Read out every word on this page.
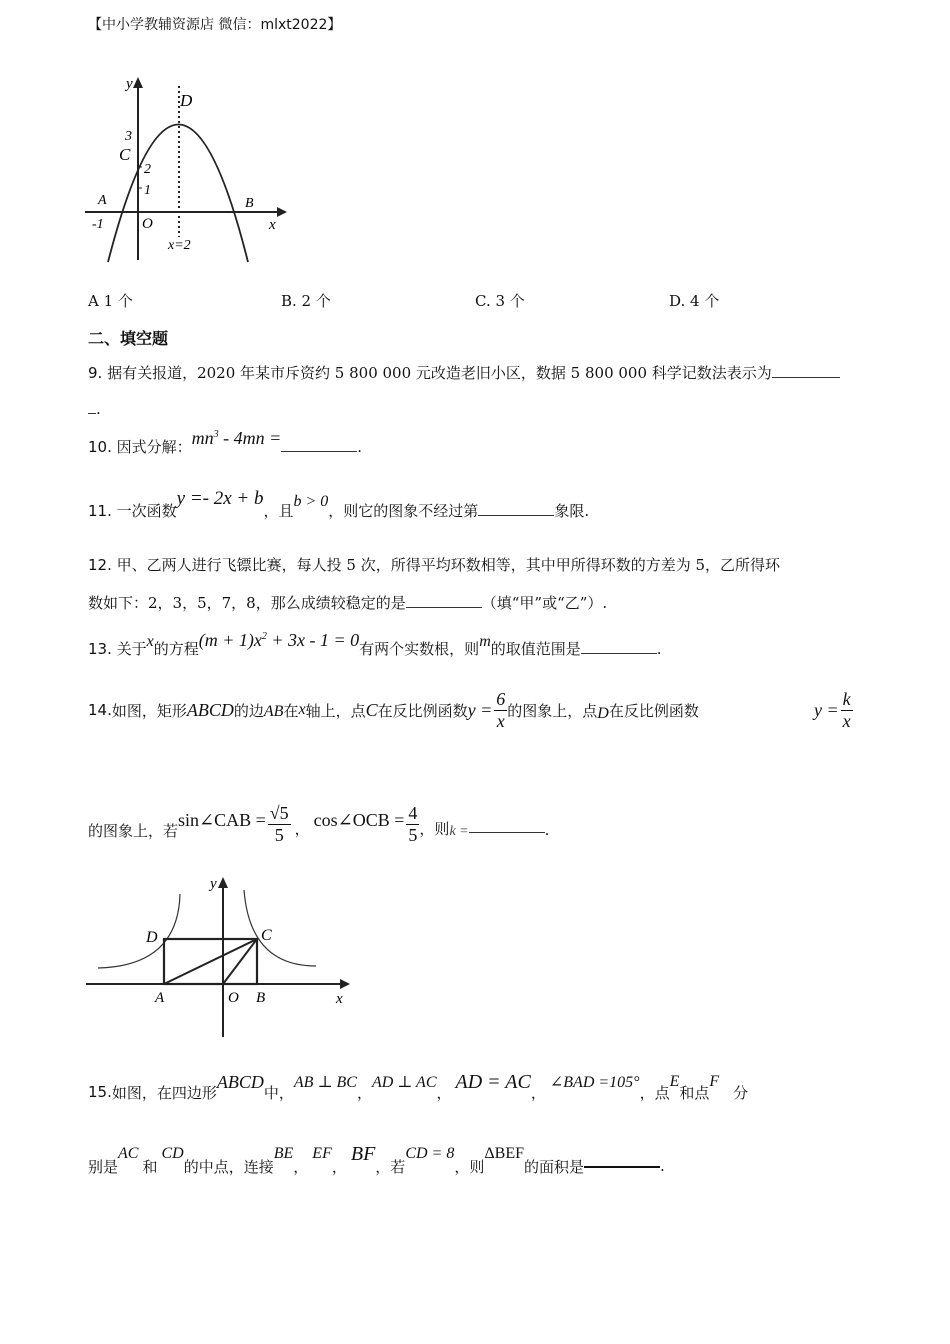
【中小学教辅资源店 微信：mlxt2022】
y
x
D
C
3
2
1
A	B
O
-1
x=2
A 1 个	B. 2 个	C. 3 个	D. 4 个
二、填空题
9. 据有关报道，2020 年某市斥资约 5 800 000 元改造老旧小区，数据 5 800 000 科学记数法表示为
.
10. 因式分解：$mn^3 - 4mn$ =	.
11. 一次函数y =- 2x + b，且b > 0，则它的图象不经过第	象限.
12. 甲、乙两人进行飞镖比赛，每人投 5 次，所得平均环数相等，其中甲所得环数的方差为 5，乙所得环
数如下：2，3，5，7，8，那么成绩较稳定的是	（填“甲”或“乙”）.
13. 关于x的方程$(m + 1)x^2 + 3x - 1 = 0$有两个实数根，则m的取值范围是	.
14. 如图，矩形 ABCD 的边 AB 在 x 轴上，点 C 在反比例函数 $y = \frac{6}{x}$ 的图象上，点 D 在反比例函数	$y = \frac{k}{x}$
的图象上，若
sin∠CAB = $\frac{√5}{5}$ ， cos∠OCB = $\frac{4}{5}$ ，则 k =	.
y
x
D	C
A	O B
15. 如图，在四边形
ABCD
中，
AB ⊥ BC
，
AD ⊥ AC
， AD = AC ，
∠BAD =105°
，点
E
和点
F
分
别是
AC
和
CD
的中点，连接
BE
，
EF
，
BF
，若
CD = 8
，则
ΔBEF
的面积是	.
